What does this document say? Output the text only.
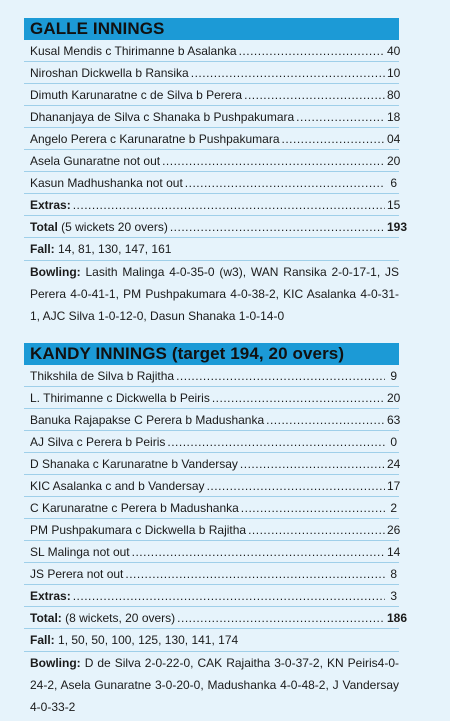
GALLE INNINGS
Kusal Mendis c Thirimanne b Asalanka .....	40
Niroshan Dickwella b Ransika .....	10
Dimuth Karunaratne c de Silva b Perera .....	80
Dhananjaya de Silva c Shanaka b Pushpakumara .....	18
Angelo Perera c Karunaratne b Pushpakumara .....	04
Asela Gunaratne not out .....	20
Kasun Madhushanka not out .....	6
Extras: .....	15
Total (5 wickets 20 overs) .....	193
Fall: 14, 81, 130, 147, 161
Bowling: Lasith Malinga 4-0-35-0 (w3), WAN Ransika 2-0-17-1, JS Perera 4-0-41-1, PM Pushpakumara 4-0-38-2, KIC Asalanka 4-0-31-1, AJC Silva 1-0-12-0, Dasun Shanaka 1-0-14-0
KANDY INNINGS (target 194, 20 overs)
Thikshila de Silva b Rajitha .....	9
L. Thirimanne c Dickwella b Peiris .....	20
Banuka Rajapakse C Perera b Madushanka .....	63
AJ Silva c Perera b Peiris .....	0
D Shanaka c Karunaratne b Vandersay .....	24
KIC Asalanka c and b Vandersay .....	17
C Karunaratne c Perera b Madushanka .....	2
PM Pushpakumara c Dickwella b Rajitha .....	26
SL Malinga not out .....	14
JS Perera not out .....	8
Extras: .....	3
Total: (8 wickets, 20 overs) .....	186
Fall: 1, 50, 50, 100, 125, 130, 141, 174
Bowling: D de Silva 2-0-22-0, CAK Rajaitha 3-0-37-2, KN Peiris4-0-24-2, Asela Gunaratne 3-0-20-0, Madushanka 4-0-48-2, J Vandersay 4-0-33-2
